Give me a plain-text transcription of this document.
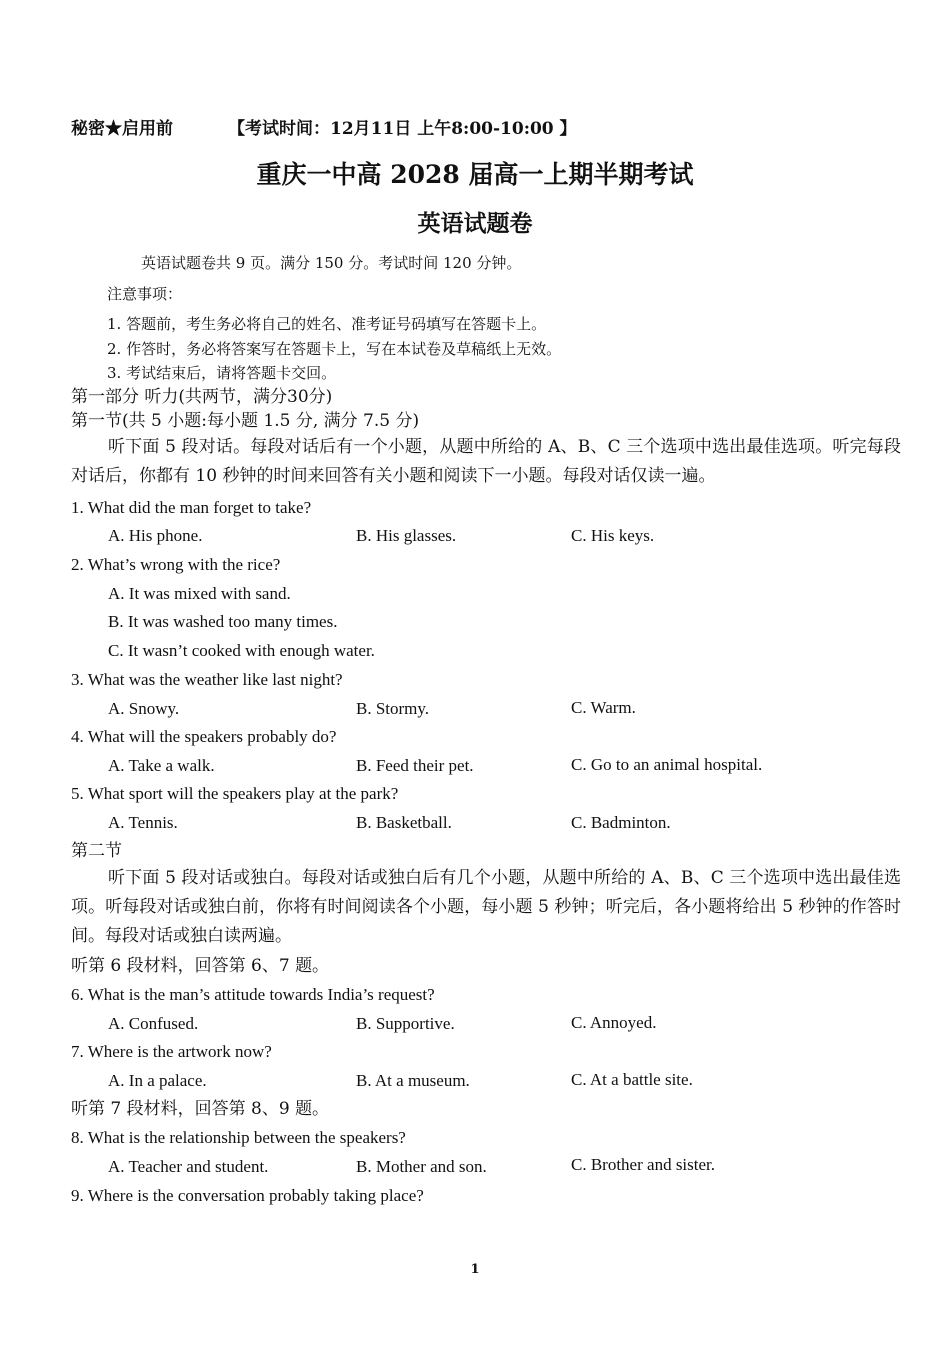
秘密★启用前	【考试时间：12月11日 上午8:00-10:00 】
重庆一中高 2028 届高一上期半期考试
英语试题卷
英语试题卷共 9 页。满分 150 分。考试时间 120 分钟。
注意事项：
1. 答题前，考生务必将自己的姓名、准考证号码填写在答题卡上。
2. 作答时，务必将答案写在答题卡上，写在本试卷及草稿纸上无效。
3. 考试结束后，请将答题卡交回。
第一部分 听力(共两节，满分30分)
第一节(共 5 小题:每小题 1.5 分, 满分 7.5 分)
听下面 5 段对话。每段对话后有一个小题，从题中所给的 A、B、C 三个选项中选出最佳选项。听完每段对话后，你都有 10 秒钟的时间来回答有关小题和阅读下一小题。每段对话仅读一遍。
1. What did the man forget to take?
A. His phone.	B. His glasses.	C. His keys.
2. What’s wrong with the rice?
A. It was mixed with sand.
B. It was washed too many times.
C. It wasn’t cooked with enough water.
3. What was the weather like last night?
A. Snowy.	B. Stormy.	C. Warm.
4. What will the speakers probably do?
A. Take a walk.	B. Feed their pet.	C. Go to an animal hospital.
5. What sport will the speakers play at the park?
A. Tennis.	B. Basketball.	C. Badminton.
第二节
听下面 5 段对话或独白。每段对话或独白后有几个小题，从题中所给的 A、B、C 三个选项中选出最佳选项。听每段对话或独白前，你将有时间阅读各个小题，每小题 5 秒钟；听完后，各小题将给出 5 秒钟的作答时间。每段对话或独白读两遍。
听第 6 段材料，回答第 6、7 题。
6. What is the man’s attitude towards India’s request?
A. Confused.	B. Supportive.	C. Annoyed.
7. Where is the artwork now?
A. In a palace.	B. At a museum.	C. At a battle site.
听第 7 段材料，回答第 8、9 题。
8. What is the relationship between the speakers?
A. Teacher and student.	B. Mother and son.	C. Brother and sister.
9. Where is the conversation probably taking place?
1
